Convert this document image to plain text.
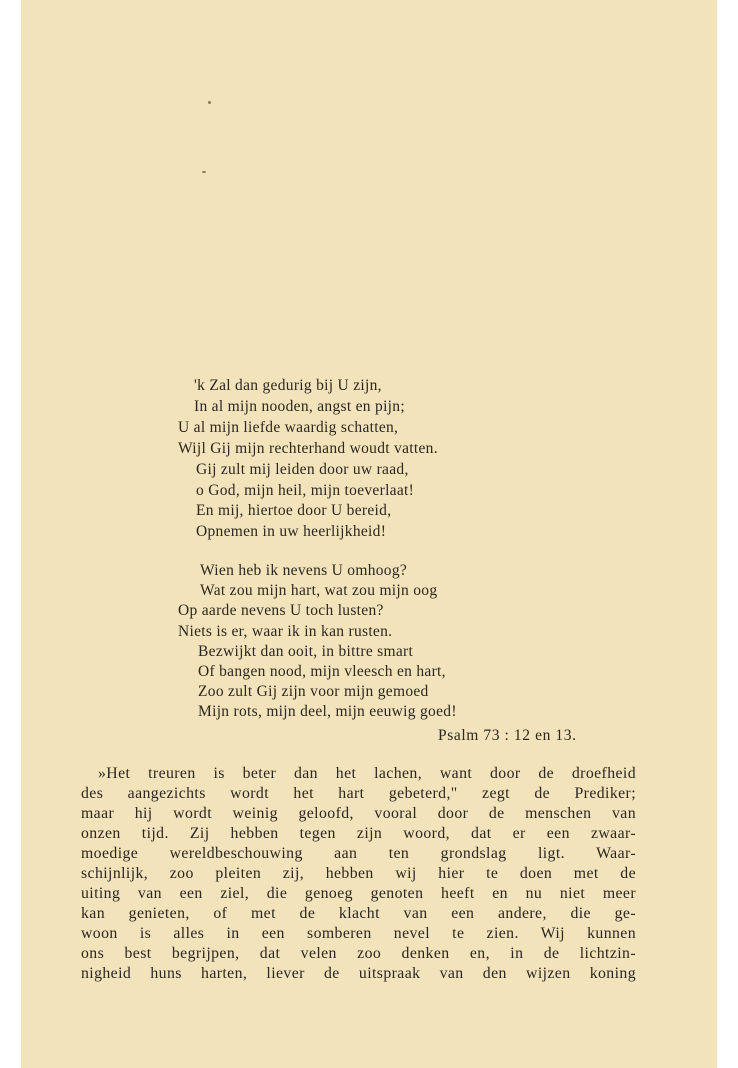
'k Zal dan gedurig bij U zijn,
In al mijn nooden, angst en pijn;
U al mijn liefde waardig schatten,
Wijl Gij mijn rechterhand woudt vatten.
Gij zult mij leiden door uw raad,
o God, mijn heil, mijn toeverlaat!
En mij, hiertoe door U bereid,
Opnemen in uw heerlijkheid!
Wien heb ik nevens U omhoog?
Wat zou mijn hart, wat zou mijn oog
Op aarde nevens U toch lusten?
Niets is er, waar ik in kan rusten.
Bezwijkt dan ooit, in bittre smart
Of bangen nood, mijn vleesch en hart,
Zoo zult Gij zijn voor mijn gemoed
Mijn rots, mijn deel, mijn eeuwig goed!
Psalm 73 : 12 en 13.
»Het treuren is beter dan het lachen, want door de droefheid
des aangezichts wordt het hart gebeterd," zegt de Prediker;
maar hij wordt weinig geloofd, vooral door de menschen van
onzen tijd. Zij hebben tegen zijn woord, dat er een zwaar-
moedige wereldbeschouwing aan ten grondslag ligt. Waar-
schijnlijk, zoo pleiten zij, hebben wij hier te doen met de
uiting van een ziel, die genoeg genoten heeft en nu niet meer
kan genieten, of met de klacht van een andere, die ge-
woon is alles in een somberen nevel te zien. Wij kunnen
ons best begrijpen, dat velen zoo denken en, in de lichtzin-
nigheid huns harten, liever de uitspraak van den wijzen koning
